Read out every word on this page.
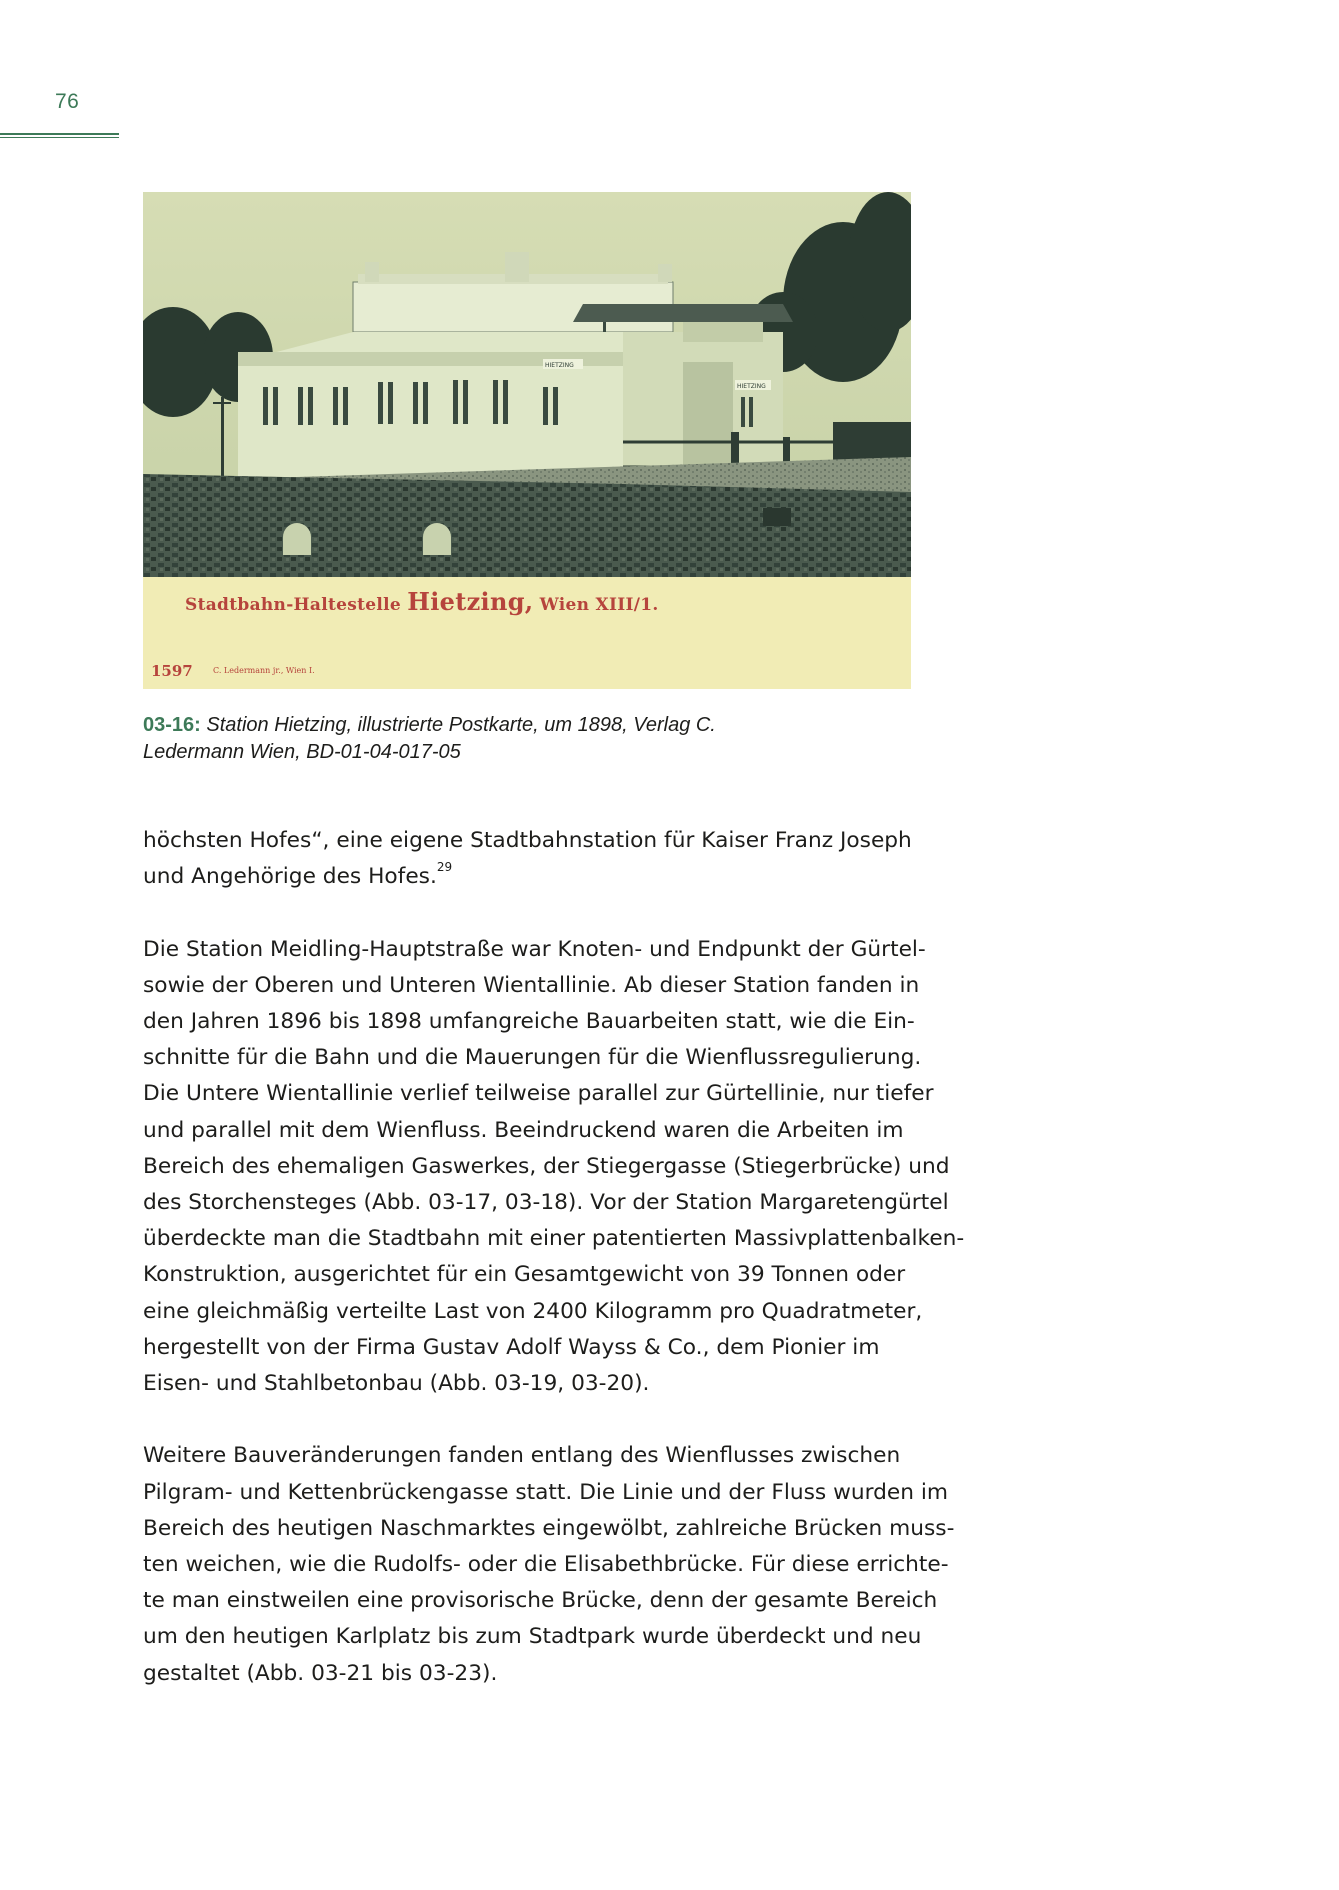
76
HIETZING
HIETZING
Stadtbahn-Haltestelle Hietzing, Wien XIII/1.
1597	C. Ledermann jr., Wien I.
03-16: Station Hietzing, illustrierte Postkarte, um 1898, Verlag C.
Ledermann Wien, BD-01-04-017-05

höchsten Hofes“, eine eigene Stadtbahnstation für Kaiser Franz Joseph
und Angehörige des Hofes.$^{29}$

Die Station Meidling-Hauptstraße war Knoten- und Endpunkt der Gürtel-
sowie der Oberen und Unteren Wientallinie. Ab dieser Station fanden in
den Jahren 1896 bis 1898 umfangreiche Bauarbeiten statt, wie die Ein-
schnitte für die Bahn und die Mauerungen für die Wienflussregulierung.
Die Untere Wientallinie verlief teilweise parallel zur Gürtellinie, nur tiefer
und parallel mit dem Wienfluss. Beeindruckend waren die Arbeiten im
Bereich des ehemaligen Gaswerkes, der Stiegergasse (Stiegerbrücke) und
des Storchensteges (Abb. 03-17, 03-18). Vor der Station Margaretengürtel
überdeckte man die Stadtbahn mit einer patentierten Massivplattenbalken-
Konstruktion, ausgerichtet für ein Gesamtgewicht von 39 Tonnen oder
eine gleichmäßig verteilte Last von 2400 Kilogramm pro Quadratmeter,
hergestellt von der Firma Gustav Adolf Wayss & Co., dem Pionier im
Eisen- und Stahlbetonbau (Abb. 03-19, 03-20).

Weitere Bauveränderungen fanden entlang des Wienflusses zwischen
Pilgram- und Kettenbrückengasse statt. Die Linie und der Fluss wurden im
Bereich des heutigen Naschmarktes eingewölbt, zahlreiche Brücken muss-
ten weichen, wie die Rudolfs- oder die Elisabethbrücke. Für diese errichte-
te man einstweilen eine provisorische Brücke, denn der gesamte Bereich
um den heutigen Karlplatz bis zum Stadtpark wurde überdeckt und neu
gestaltet (Abb. 03-21 bis 03-23).
